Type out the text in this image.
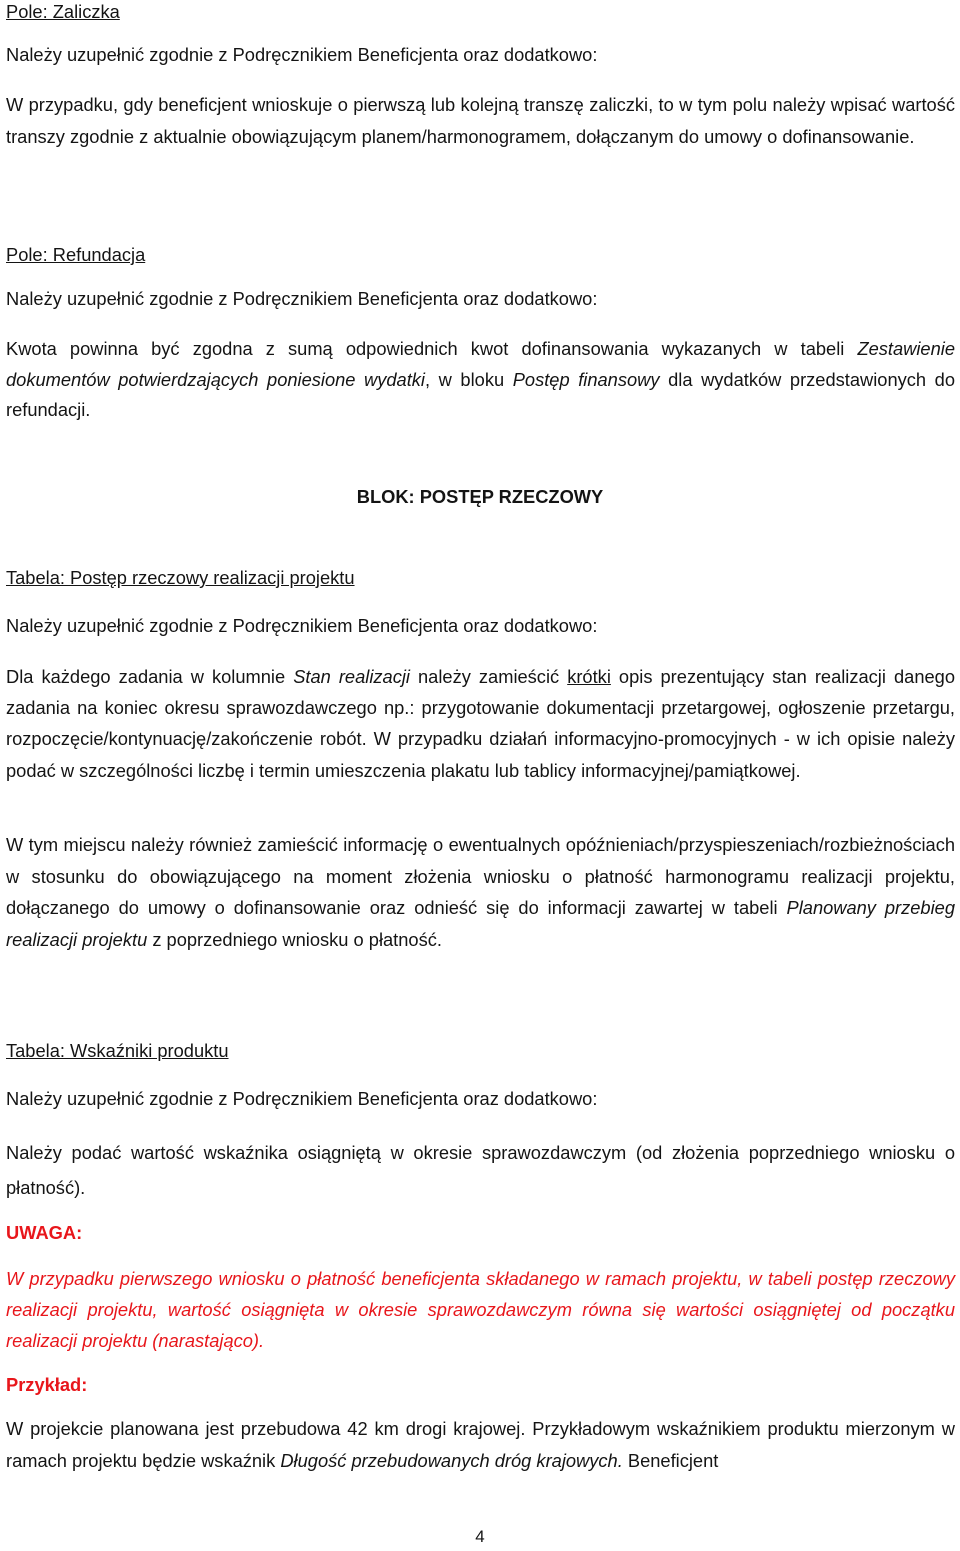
Pole: Zaliczka

Należy uzupełnić zgodnie z Podręcznikiem Beneficjenta oraz dodatkowo:

W przypadku, gdy beneficjent wnioskuje o pierwszą lub kolejną transzę zaliczki, to w tym polu należy wpisać wartość transzy zgodnie z aktualnie obowiązującym planem/harmonogramem, dołączanym do umowy o dofinansowanie.

Pole: Refundacja

Należy uzupełnić zgodnie z Podręcznikiem Beneficjenta oraz dodatkowo:

Kwota powinna być zgodna z sumą odpowiednich kwot dofinansowania wykazanych w tabeli Zestawienie dokumentów potwierdzających poniesione wydatki, w bloku Postęp finansowy dla wydatków przedstawionych do refundacji.

BLOK: POSTĘP RZECZOWY

Tabela: Postęp rzeczowy realizacji projektu

Należy uzupełnić zgodnie z Podręcznikiem Beneficjenta oraz dodatkowo:

Dla każdego zadania w kolumnie Stan realizacji należy zamieścić krótki opis prezentujący stan realizacji danego zadania na koniec okresu sprawozdawczego np.: przygotowanie dokumentacji przetargowej, ogłoszenie przetargu, rozpoczęcie/kontynuację/zakończenie robót. W przypadku działań informacyjno-promocyjnych - w ich opisie należy podać w szczególności liczbę i termin umieszczenia plakatu lub tablicy informacyjnej/pamiątkowej.

W tym miejscu należy również zamieścić informację o ewentualnych opóźnieniach/przyspieszeniach/rozbieżnościach w stosunku do obowiązującego na moment złożenia wniosku o płatność harmonogramu realizacji projektu, dołączanego do umowy o dofinansowanie oraz odnieść się do informacji zawartej w tabeli Planowany przebieg realizacji projektu z poprzedniego wniosku o płatność.

Tabela: Wskaźniki produktu

Należy uzupełnić zgodnie z Podręcznikiem Beneficjenta oraz dodatkowo:

Należy podać wartość wskaźnika osiągniętą w okresie sprawozdawczym (od złożenia poprzedniego wniosku o płatność).

UWAGA:

W przypadku pierwszego wniosku o płatność beneficjenta składanego w ramach projektu, w tabeli postęp rzeczowy realizacji projektu, wartość osiągnięta w okresie sprawozdawczym równa się wartości osiągniętej od początku realizacji projektu (narastająco).

Przykład:

W projekcie planowana jest przebudowa 42 km drogi krajowej. Przykładowym wskaźnikiem produktu mierzonym w ramach projektu będzie wskaźnik Długość przebudowanych dróg krajowych. Beneficjent

4
